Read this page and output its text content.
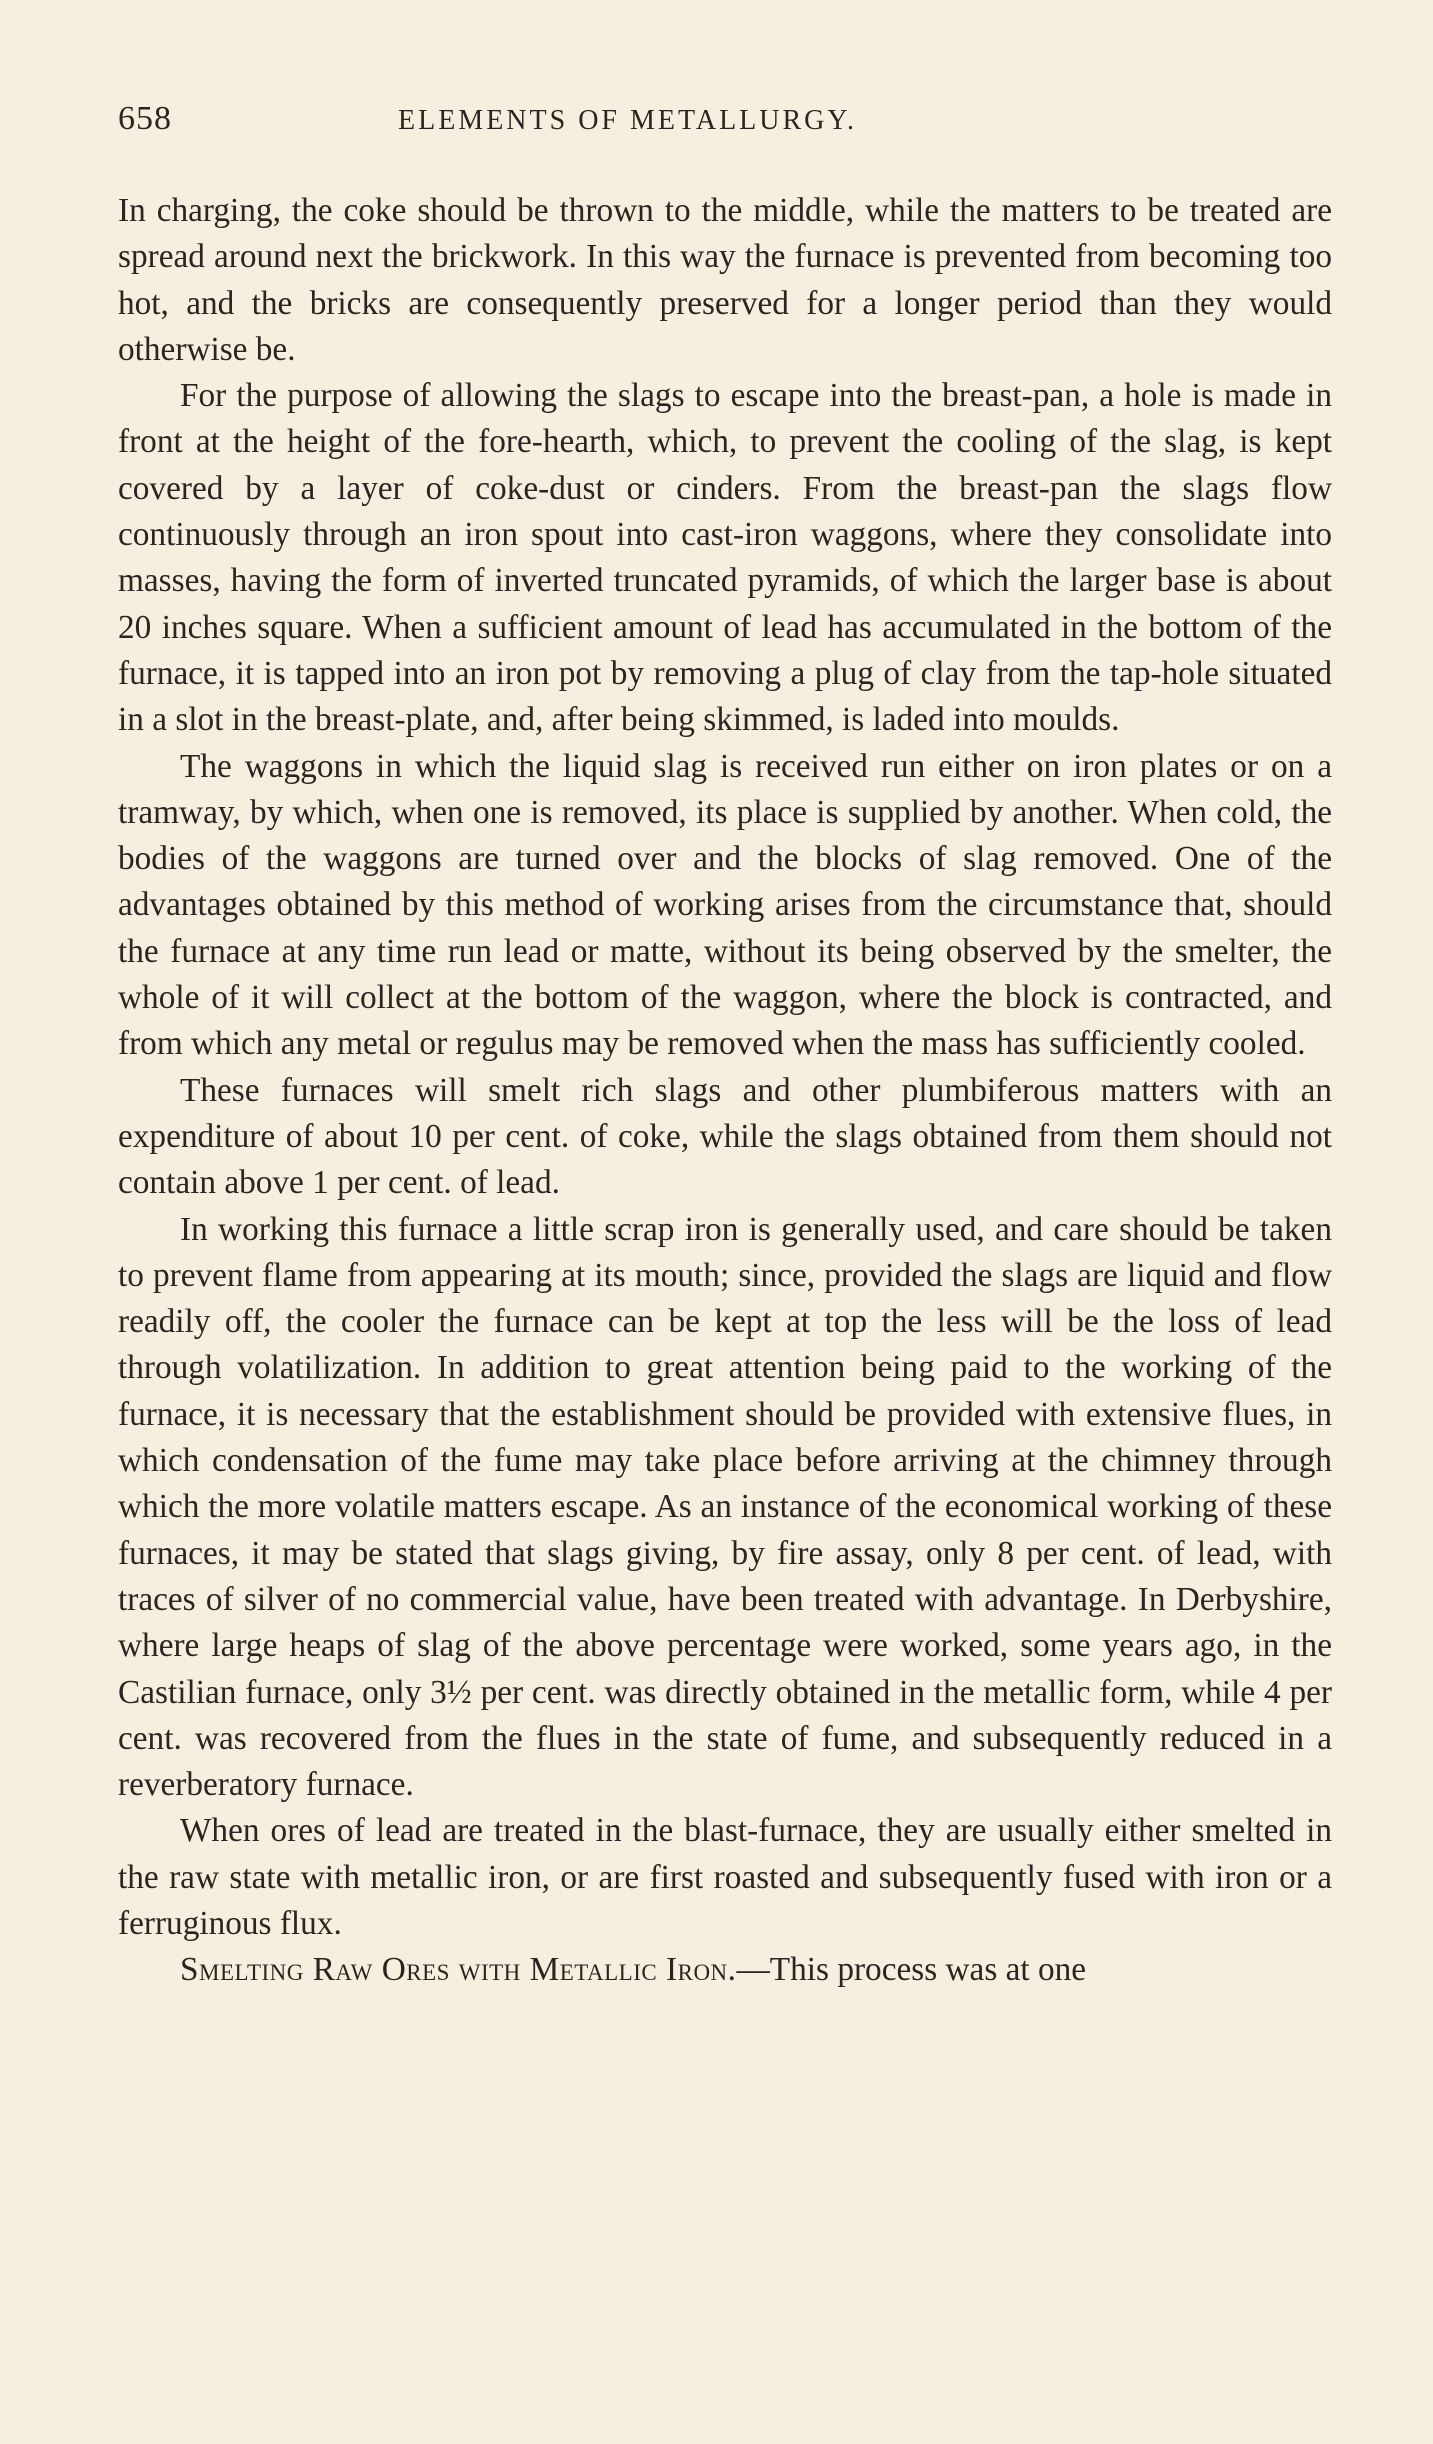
658	ELEMENTS OF METALLURGY.

In charging, the coke should be thrown to the middle, while the matters to be treated are spread around next the brickwork. In this way the furnace is prevented from becoming too hot, and the bricks are consequently preserved for a longer period than they would otherwise be.

For the purpose of allowing the slags to escape into the breast-pan, a hole is made in front at the height of the fore-hearth, which, to prevent the cooling of the slag, is kept covered by a layer of coke-dust or cinders. From the breast-pan the slags flow continuously through an iron spout into cast-iron waggons, where they consolidate into masses, having the form of inverted truncated pyramids, of which the larger base is about 20 inches square. When a sufficient amount of lead has accumulated in the bottom of the furnace, it is tapped into an iron pot by removing a plug of clay from the tap-hole situated in a slot in the breast-plate, and, after being skimmed, is laded into moulds.

The waggons in which the liquid slag is received run either on iron plates or on a tramway, by which, when one is removed, its place is supplied by another. When cold, the bodies of the waggons are turned over and the blocks of slag removed. One of the advantages obtained by this method of working arises from the circumstance that, should the furnace at any time run lead or matte, without its being observed by the smelter, the whole of it will collect at the bottom of the waggon, where the block is contracted, and from which any metal or regulus may be removed when the mass has sufficiently cooled.

These furnaces will smelt rich slags and other plumbiferous matters with an expenditure of about 10 per cent. of coke, while the slags obtained from them should not contain above 1 per cent. of lead.

In working this furnace a little scrap iron is generally used, and care should be taken to prevent flame from appearing at its mouth; since, provided the slags are liquid and flow readily off, the cooler the furnace can be kept at top the less will be the loss of lead through volatilization. In addition to great attention being paid to the working of the furnace, it is necessary that the establishment should be provided with extensive flues, in which condensation of the fume may take place before arriving at the chimney through which the more volatile matters escape. As an instance of the economical working of these furnaces, it may be stated that slags giving, by fire assay, only 8 per cent. of lead, with traces of silver of no commercial value, have been treated with advantage. In Derbyshire, where large heaps of slag of the above percentage were worked, some years ago, in the Castilian furnace, only 3½ per cent. was directly obtained in the metallic form, while 4 per cent. was recovered from the flues in the state of fume, and subsequently reduced in a reverberatory furnace.

When ores of lead are treated in the blast-furnace, they are usually either smelted in the raw state with metallic iron, or are first roasted and subsequently fused with iron or a ferruginous flux.

Smelting Raw Ores with Metallic Iron.—This process was at one
